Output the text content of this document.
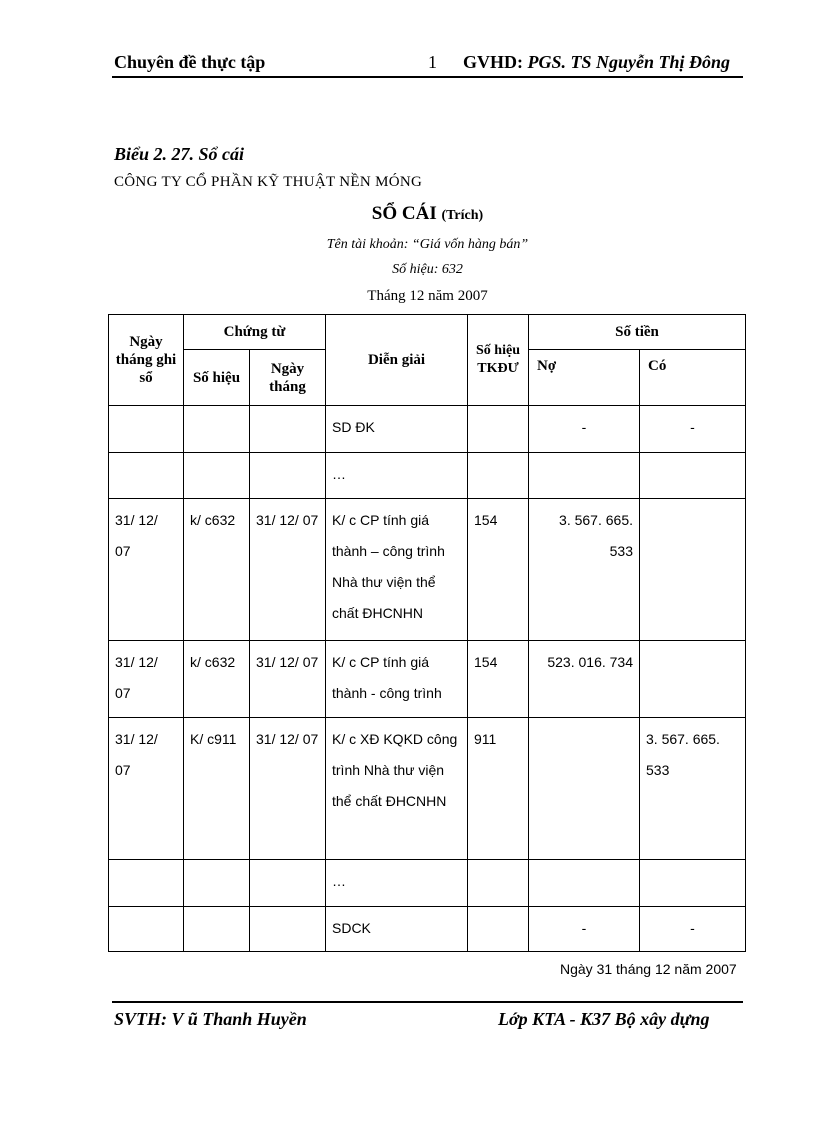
Chuyên đề thực tập	1 GVHD: PGS. TS Nguyễn Thị Đông
Biểu 2. 27. Sổ cái
CÔNG TY CỔ PHẦN KỸ THUẬT NỀN MÓNG
SỔ CÁI (Trích)
Tên tài khoản: “Giá vốn hàng bán”
Số hiệu: 632
Tháng 12 năm 2007
Ngày tháng ghi sổ	Chứng từ		Diễn giải	Số hiệu TKĐƯ	Số tiền	

	Số hiệu	Ngày tháng			Nợ	Có

			SD ĐK		-	-

			…			

31/ 12/ 07	k/ c632	31/ 12/ 07	K/ c CP tính giá thành – công trình Nhà thư viện thể chất ĐHCNHN	154	3. 567. 665. 533	

31/ 12/ 07	k/ c632	31/ 12/ 07	K/ c CP tính giá thành - công trình	154	523. 016. 734	

31/ 12/ 07	K/ c911	31/ 12/ 07	K/ c XĐ KQKD công trình Nhà thư viện thể chất ĐHCNHN	911		3. 567. 665. 533

			…			

			SDCK		-	-
Ngày 31 tháng 12 năm 2007
SVTH: V ũ Thanh Huyền	Lớp KTA - K37 Bộ xây dựng
